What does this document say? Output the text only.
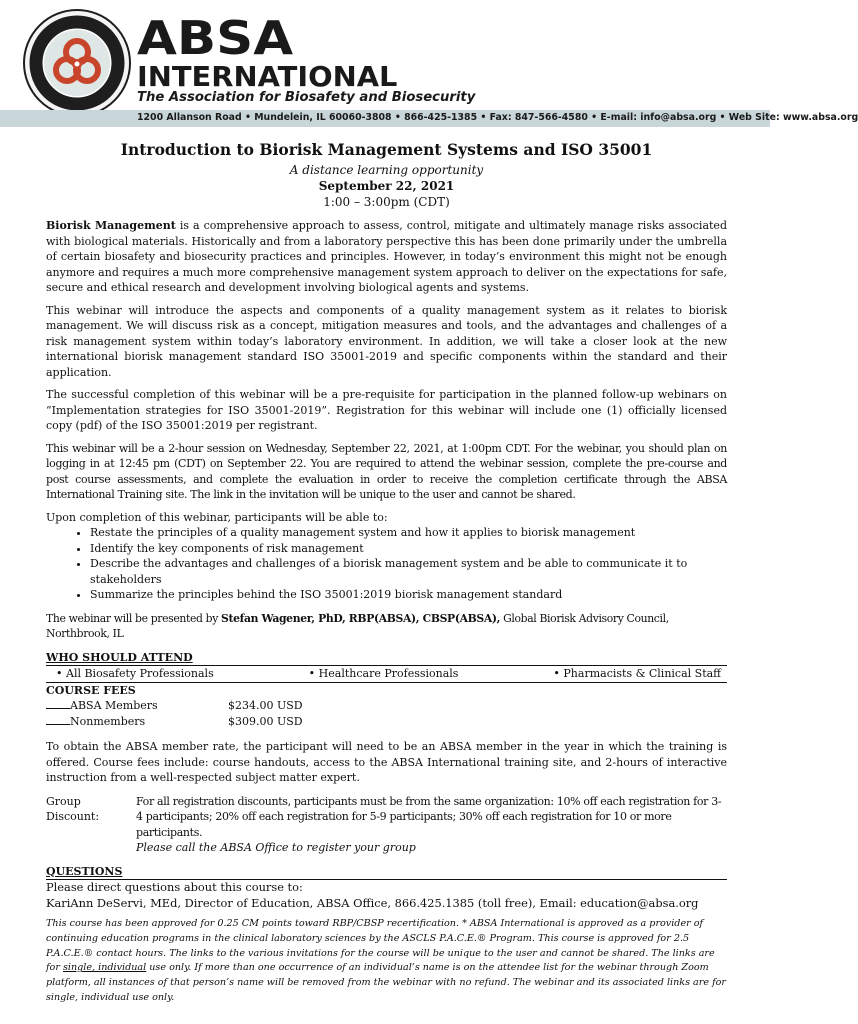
ABSA
INTERNATIONAL
The Association for Biosafety and Biosecurity
1200 Allanson Road • Mundelein, IL 60060-3808 • 866-425-1385 • Fax: 847-566-4580 • E-mail: info@absa.org • Web Site: www.absa.org
Introduction to Biorisk Management Systems and ISO 35001
A distance learning opportunity
September 22, 2021
1:00 – 3:00pm (CDT)

Biorisk Management is a comprehensive approach to assess, control, mitigate and ultimately manage risks associated with biological materials. Historically and from a laboratory perspective this has been done primarily under the umbrella of certain biosafety and biosecurity practices and principles. However, in today’s environment this might not be enough anymore and requires a much more comprehensive management system approach to deliver on the expectations for safe, secure and ethical research and development involving biological agents and systems.

This webinar will introduce the aspects and components of a quality management system as it relates to biorisk management. We will discuss risk as a concept, mitigation measures and tools, and the advantages and challenges of a risk management system within today’s laboratory environment. In addition, we will take a closer look at the new international biorisk management standard ISO 35001-2019 and specific components within the standard and their application.

The successful completion of this webinar will be a pre-requisite for participation in the planned follow-up webinars on “Implementation strategies for ISO 35001-2019”. Registration for this webinar will include one (1) officially licensed copy (pdf) of the ISO 35001:2019 per registrant.

This webinar will be a 2-hour session on Wednesday, September 22, 2021, at 1:00pm CDT. For the webinar, you should plan on logging in at 12:45 pm (CDT) on September 22. You are required to attend the webinar session, complete the pre-course and post course assessments, and complete the evaluation in order to receive the completion certificate through the ABSA International Training site. The link in the invitation will be unique to the user and cannot be shared.

Upon completion of this webinar, participants will be able to:
• Restate the principles of a quality management system and how it applies to biorisk management
• Identify the key components of risk management
• Describe the advantages and challenges of a biorisk management system and be able to communicate it to stakeholders
• Summarize the principles behind the ISO 35001:2019 biorisk management standard
The webinar will be presented by Stefan Wagener, PhD, RBP(ABSA), CBSP(ABSA), Global Biorisk Advisory Council, Northbrook, IL
WHO SHOULD ATTEND
• All Biosafety Professionals	• Healthcare Professionals	• Pharmacists & Clinical Staff
COURSE FEES
ABSA Members	$234.00 USD
Nonmembers	$309.00 USD

To obtain the ABSA member rate, the participant will need to be an ABSA member in the year in which the training is offered. Course fees include: course handouts, access to the ABSA International training site, and 2-hours of interactive instruction from a well-respected subject matter expert.

Group Discount:
For all registration discounts, participants must be from the same organization: 10% off each registration for 3-4 participants; 20% off each registration for 5-9 participants; 30% off each registration for 10 or more participants.
Please call the ABSA Office to register your group
QUESTIONS
Please direct questions about this course to:
KariAnn DeServi, MEd, Director of Education, ABSA Office, 866.425.1385 (toll free), Email: education@absa.org
This course has been approved for 0.25 CM points toward RBP/CBSP recertification. * ABSA International is approved as a provider of continuing education programs in the clinical laboratory sciences by the ASCLS P.A.C.E.® Program. This course is approved for 2.5 P.A.C.E.® contact hours. The links to the various invitations for the course will be unique to the user and cannot be shared. The links are for single, individual use only. If more than one occurrence of an individual’s name is on the attendee list for the webinar through Zoom platform, all instances of that person’s name will be removed from the webinar with no refund. The webinar and its associated links are for single, individual use only.
